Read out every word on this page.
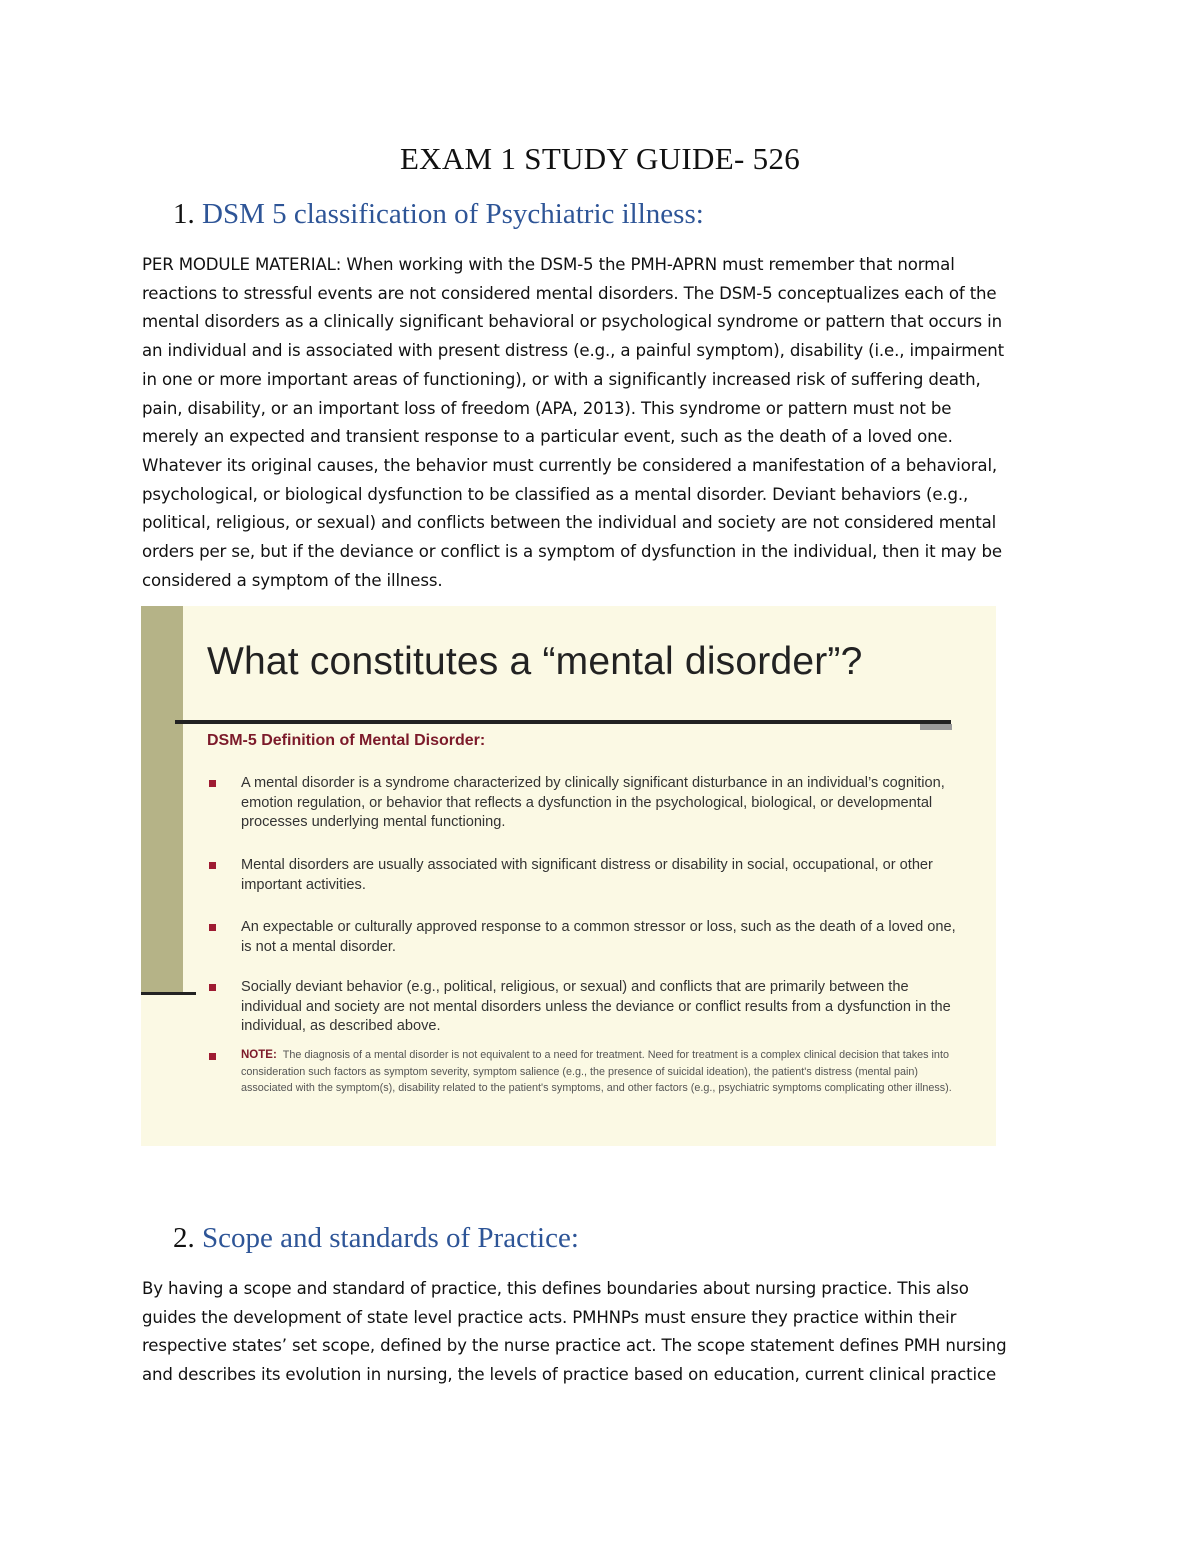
EXAM 1 STUDY GUIDE- 526
1. DSM 5 classification of Psychiatric illness:
PER MODULE MATERIAL: When working with the DSM-5 the PMH-APRN must remember that normal
reactions to stressful events are not considered mental disorders. The DSM-5 conceptualizes each of the
mental disorders as a clinically significant behavioral or psychological syndrome or pattern that occurs in
an individual and is associated with present distress (e.g., a painful symptom), disability (i.e., impairment
in one or more important areas of functioning), or with a significantly increased risk of suffering death,
pain, disability, or an important loss of freedom (APA, 2013). This syndrome or pattern must not be
merely an expected and transient response to a particular event, such as the death of a loved one.
Whatever its original causes, the behavior must currently be considered a manifestation of a behavioral,
psychological, or biological dysfunction to be classified as a mental disorder. Deviant behaviors (e.g.,
political, religious, or sexual) and conflicts between the individual and society are not considered mental
orders per se, but if the deviance or conflict is a symptom of dysfunction in the individual, then it may be
considered a symptom of the illness.
What constitutes a “mental disorder”?
DSM-5 Definition of Mental Disorder:
A mental disorder is a syndrome characterized by clinically significant disturbance in an individual’s cognition, emotion regulation, or behavior that reflects a dysfunction in the psychological, biological, or developmental processes underlying mental functioning.
Mental disorders are usually associated with significant distress or disability in social, occupational, or other important activities.
An expectable or culturally approved response to a common stressor or loss, such as the death of a loved one, is not a mental disorder.
Socially deviant behavior (e.g., political, religious, or sexual) and conflicts that are primarily between the individual and society are not mental disorders unless the deviance or conflict results from a dysfunction in the individual, as described above.
NOTE: The diagnosis of a mental disorder is not equivalent to a need for treatment. Need for treatment is a complex clinical decision that takes into consideration such factors as symptom severity, symptom salience (e.g., the presence of suicidal ideation), the patient's distress (mental pain) associated with the symptom(s), disability related to the patient's symptoms, and other factors (e.g., psychiatric symptoms complicating other illness).
2. Scope and standards of Practice:
By having a scope and standard of practice, this defines boundaries about nursing practice. This also
guides the development of state level practice acts. PMHNPs must ensure they practice within their
respective states’ set scope, defined by the nurse practice act. The scope statement defines PMH nursing
and describes its evolution in nursing, the levels of practice based on education, current clinical practice
